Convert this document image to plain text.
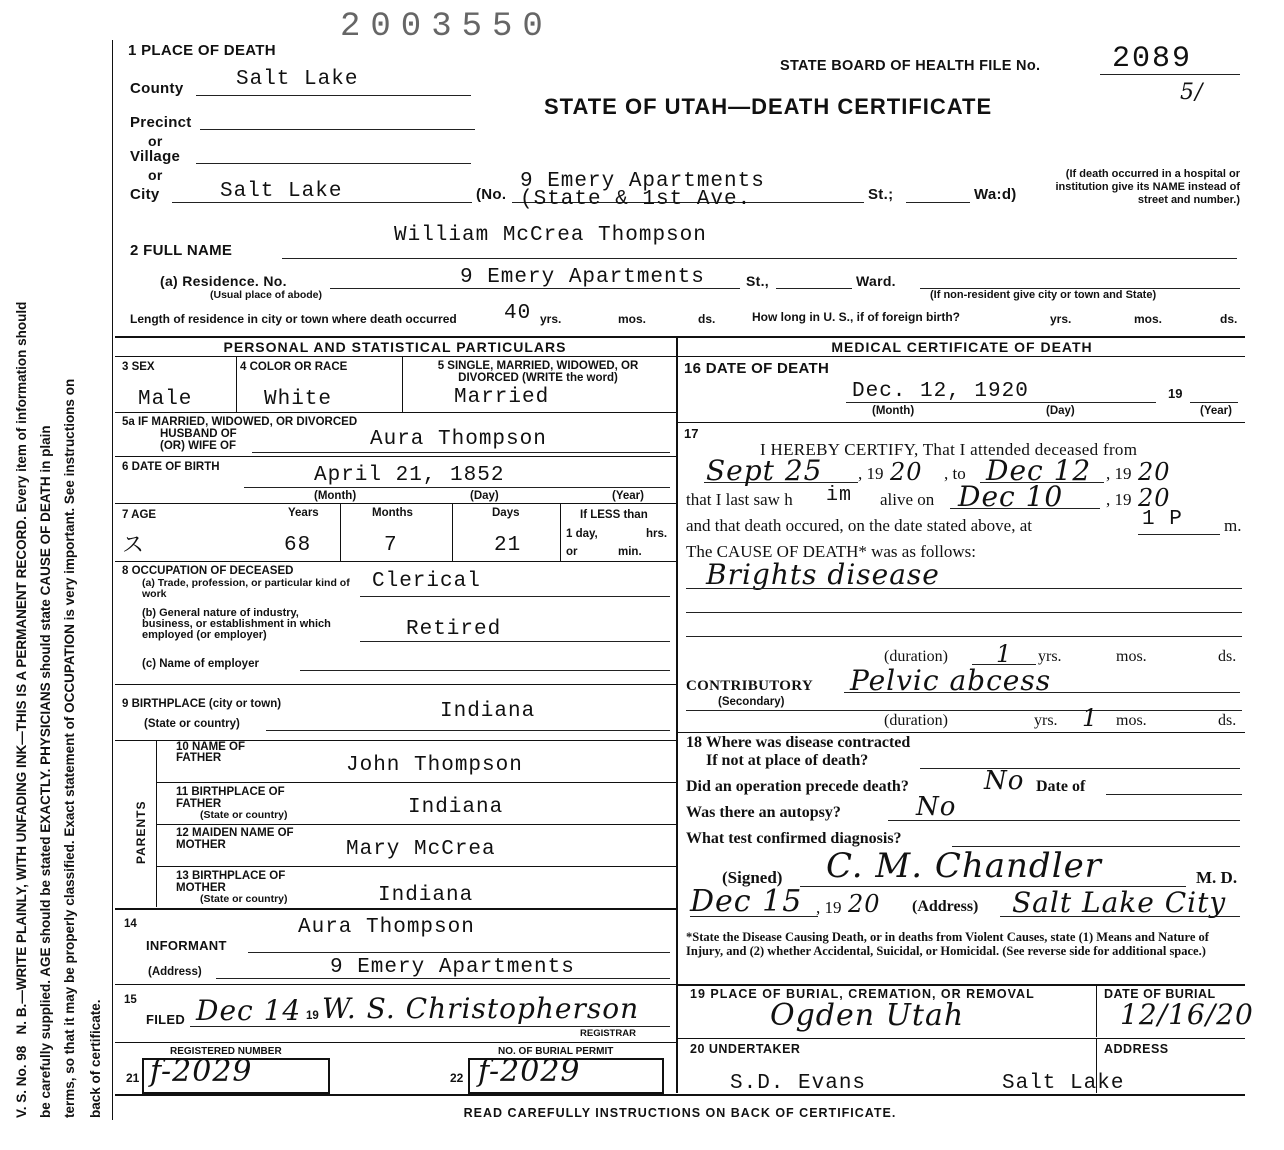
V. S. No. 98   N. B.—WRITE PLAINLY, WITH UNFADING INK—THIS IS A PERMANENT RECORD. Every item of information should be carefully supplied. AGE should be stated EXACTLY. PHYSICIANS should state CAUSE OF DEATH in plain terms, so that it may be properly classified. Exact statement of OCCUPATION is very important. See instructions on back of certificate.
2003550
STATE BOARD OF HEALTH FILE No. 2089
5/
STATE OF UTAH—DEATH CERTIFICATE
1 PLACE OF DEATH
County	Salt Lake
Precinct
or
Village
or
City	Salt Lake	(No.
9 Emery Apartments
(State & 1st Ave.	St.;	Wa:d)
(If death occurred in a hospital or institution give its NAME instead of street and number.)
2 FULL NAME
William McCrea Thompson
(a) Residence. No.
(Usual place of abode)
9 Emery Apartments	St.,	Ward.
(If non-resident give city or town and State)
Length of residence in city or town where death occurred 40 yrs.	mos.	ds.	How long in U. S., if of foreign birth?	yrs.	mos.	ds.
PERSONAL AND STATISTICAL PARTICULARS	MEDICAL CERTIFICATE OF DEATH
3 SEX	4 COLOR OR RACE	5 SINGLE, MARRIED, WIDOWED, OR DIVORCED (WRITE the word)
Male	White	Married
5a IF MARRIED, WIDOWED, OR DIVORCED
HUSBAND OF
(OR) WIFE OF	Aura Thompson
6 DATE OF BIRTH	April 21, 1852
(Month)	(Day)	(Year)
7 AGE
ス
Years	Months	Days	If LESS than
1 day,	hrs.
or	min.
68	7	21
8 OCCUPATION OF DECEASED
(a) Trade, profession, or particular kind of work
Clerical
(b) General nature of industry, business, or establishment in which employed (or employer)	Retired
(c) Name of employer
9 BIRTHPLACE (city or town)
(State or country)
Indiana
PARENTS
10 NAME OF FATHER	John Thompson
11 BIRTHPLACE OF FATHER
(State or country)	Indiana
12 MAIDEN NAME OF MOTHER	Mary McCrea
13 BIRTHPLACE OF MOTHER
(State or country)	Indiana
14
INFORMANT
Aura Thompson
(Address)	9 Emery Apartments
15
FILED Dec 14 19 W. S. Christopherson
REGISTRAR
REGISTERED NUMBER
21 f-2029
NO. OF BURIAL PERMIT
22 f-2029
16 DATE OF DEATH
Dec. 12, 1920	19
(Month)	(Day)	(Year)
17
I HEREBY CERTIFY, That I attended deceased from
Sept 25 , 19 20 , to Dec 12 , 19 20
that I last saw h im alive on Dec 10	, 19 20
and that death occured, on the date stated above, at	1 P m.
The CAUSE OF DEATH* was as follows:
Brights disease
(duration) 1 yrs.	mos.	ds.
CONTRIBUTORY
(Secondary)
Pelvic abcess
(duration)	yrs. 1 mos.	ds.
18 Where was disease contracted
If not at place of death?
Did an operation precede death?	No Date of
Was there an autopsy?	No
What test confirmed diagnosis?
(Signed) C. M. Chandler	M. D.
Dec 15 , 19 20 (Address) Salt Lake City
*State the Disease Causing Death, or in deaths from Violent Causes, state (1) Means and Nature of Injury, and (2) whether Accidental, Suicidal, or Homicidal. (See reverse side for additional space.)
19 PLACE OF BURIAL, CREMATION, OR REMOVAL
Ogden Utah
DATE OF BURIAL
12/16/20
20 UNDERTAKER	ADDRESS
S.D. Evans	Salt Lake
READ CAREFULLY INSTRUCTIONS ON BACK OF CERTIFICATE.
